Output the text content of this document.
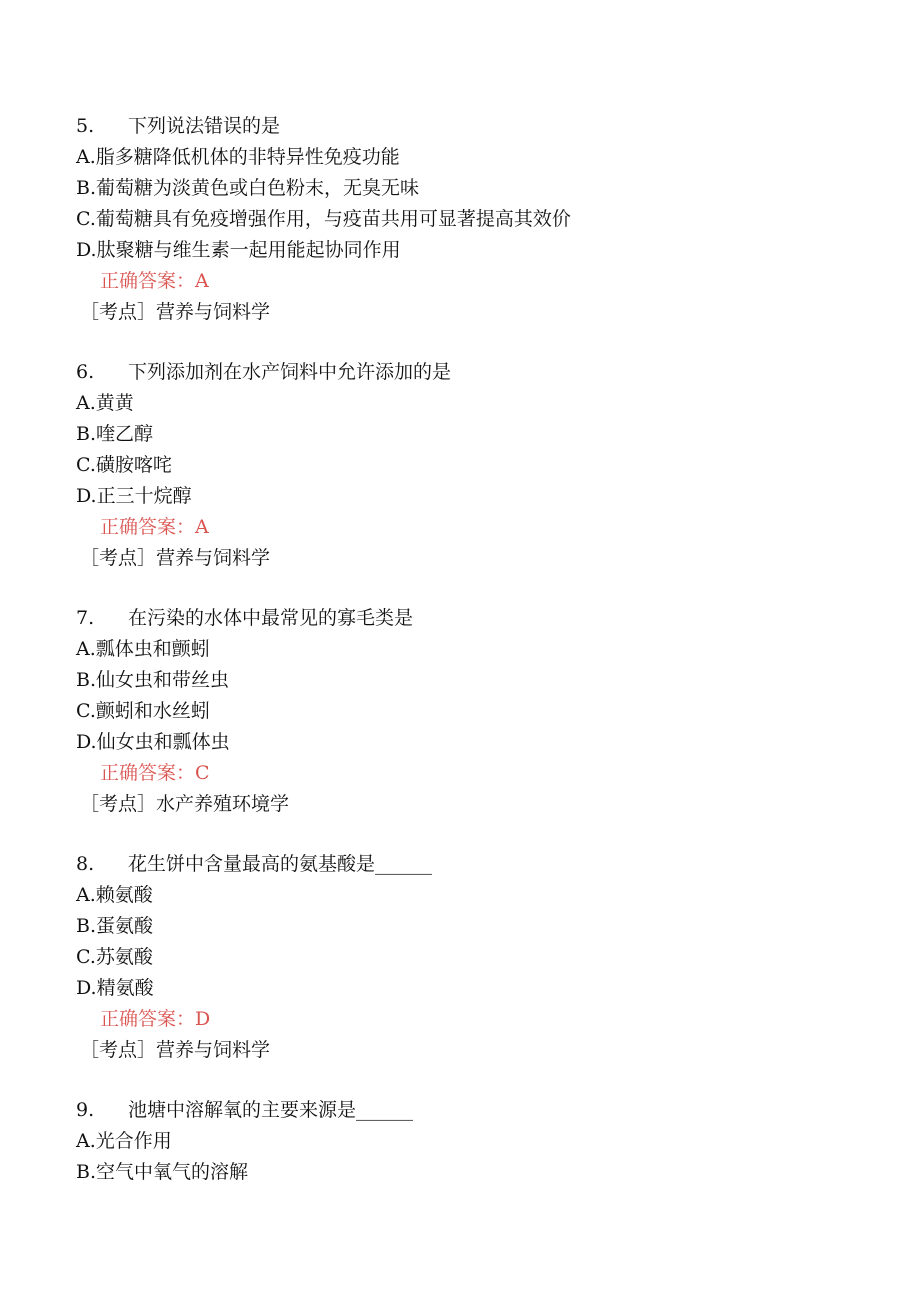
5. 下列说法错误的是
A.脂多糖降低机体的非特异性免疫功能
B.葡萄糖为淡黄色或白色粉末，无臭无味
C.葡萄糖具有免疫增强作用，与疫苗共用可显著提高其效价
D.肽聚糖与维生素一起用能起协同作用
正确答案：A
［考点］营养与饲料学
6. 下列添加剂在水产饲料中允许添加的是
A.黄黄
B.喹乙醇
C.磺胺喀咤
D.正三十烷醇
正确答案：A
［考点］营养与饲料学
7. 在污染的水体中最常见的寡毛类是
A.瓢体虫和颤蚓
B.仙女虫和带丝虫
C.颤蚓和水丝蚓
D.仙女虫和瓢体虫
正确答案：C
［考点］水产养殖环境学
8. 花生饼中含量最高的氨基酸是______
A.赖氨酸
B.蛋氨酸
C.苏氨酸
D.精氨酸
正确答案：D
［考点］营养与饲料学
9. 池塘中溶解氧的主要来源是______
A.光合作用
B.空气中氧气的溶解
